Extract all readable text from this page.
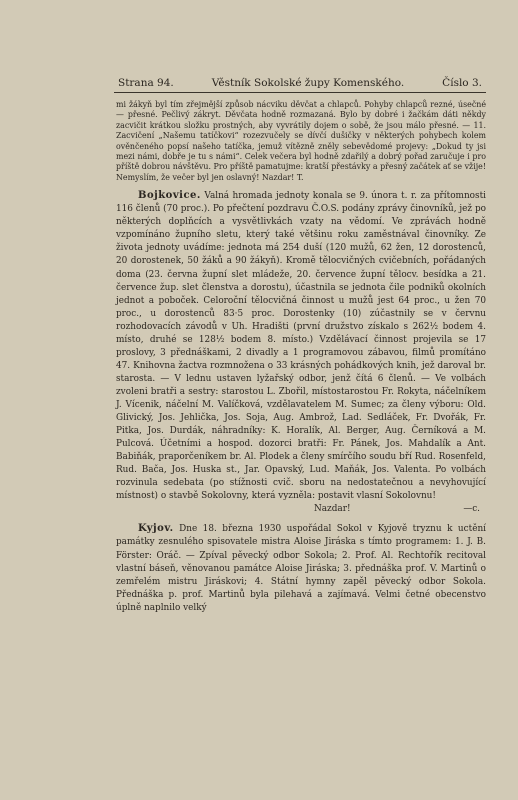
Strana 94.	Věstník Sokolské župy Komenského.	Číslo 3.

mi žákyň byl tím zřejmější způsob nácviku děvčat a chlapců. Pohyby chlapců rezné, úsečné — přesné. Pečlivý zákryt. Děvčata hodně rozmazaná. Bylo by dobré i žačkám dáti někdy zacvičit krátkou složku prostných, aby vyvrátily dojem o sobě, že jsou málo přesné. — 11. Zacvičení „Našemu tatíčkovi“ rozezvučely se dívčí dušičky v některých pohybech kolem ověnčeného popsí našeho tatíčka, jemuž vítězně zněly sebevědomé projevy: „Dokud ty jsi mezi námi, dobře je tu s námi“. Celek večera byl hodně zdařilý a dobrý pořad zaručuje i pro příště dobrou návštěvu. Pro příště pamatujme: kratší přestávky a přesný začátek ať se vžije! Nemyslím, že večer byl jen oslavný! Nazdar! T.

Bojkovice. Valná hromada jednoty konala se 9. února t. r. za přítomnosti 116 členů (70 proc.). Po přečtení pozdravu Č.O.S. podány zprávy činovníků, jež po některých doplňcích a vysvětlivkách vzaty na vědomí. Ve zprávách hodně vzpomínáno župního sletu, který také většinu roku zaměstnával činovníky. Ze života jednoty uvádíme: jednota má 254 duší (120 mužů, 62 žen, 12 dorostenců, 20 dorostenek, 50 žáků a 90 žákyň). Kromě tělocvičných cvičebních, pořádaných doma (23. června župní slet mládeže, 20. července župní tělocv. besídka a 21. července žup. slet členstva a dorostu), účastnila se jednota čile podniků okolních jednot a poboček. Celoroční tělocvičná činnost u mužů jest 64 proc., u žen 70 proc., u dorostenců 83·5 proc. Dorostenky (10) zúčastnily se v červnu rozhodovacích závodů v Uh. Hradišti (první družstvo získalo s 262½ bodem 4. místo, druhé se 128½ bodem 8. místo.) Vzdělávací činnost projevila se 17 proslovy, 3 přednáškami, 2 divadly a 1 programovou zábavou, filmů promítáno 47. Knihovna žactva rozmnožena o 33 krásných pohádkových knih, jež daroval br. starosta. — V lednu ustaven lyžařský odbor, jenž čítá 6 členů. — Ve volbách zvoleni bratři a sestry: starostou L. Zbořil, místostarostou Fr. Rokyta, náčelníkem J. Vícenik, náčelní M. Valíčková, vzdělavatelem M. Sumec; za členy výboru: Old. Glivický, Jos. Jehlička, Jos. Soja, Aug. Ambrož, Lad. Sedláček, Fr. Dvořák, Fr. Pitka, Jos. Durdák, náhradníky: K. Horalík, Al. Berger, Aug. Černíková a M. Pulcová. Účetními a hospod. dozorci bratři: Fr. Pánek, Jos. Mahdalík a Ant. Babiňák, praporčeníkem br. Al. Plodek a členy smírčího soudu bří Rud. Rosenfeld, Rud. Bača, Jos. Huska st., Jar. Opavský, Lud. Maňák, Jos. Valenta. Po volbách rozvinula sedebata (po stížnosti cvič. sboru na nedostatečnou a nevyhovující místnost) o stavbě Sokolovny, která vyzněla: postavit vlasní Sokolovnu!

Nazdar!	—c.

Kyjov. Dne 18. března 1930 uspořádal Sokol v Kyjově tryznu k uctění památky zesnulého spisovatele mistra Aloise Jiráska s tímto programem: 1. J. B. Förster: Oráč. — Zpíval pěvecký odbor Sokola; 2. Prof. Al. Rechtořík recitoval vlastní báseň, věnovanou památce Aloise Jiráska; 3. přednáška prof. V. Martinů o zemřelém mistru Jiráskovi; 4. Státní hymny zapěl pěvecký odbor Sokola. Přednáška p. prof. Martinů byla pilehavá a zajímavá. Velmi četné obecenstvo úplně naplnilo velký
